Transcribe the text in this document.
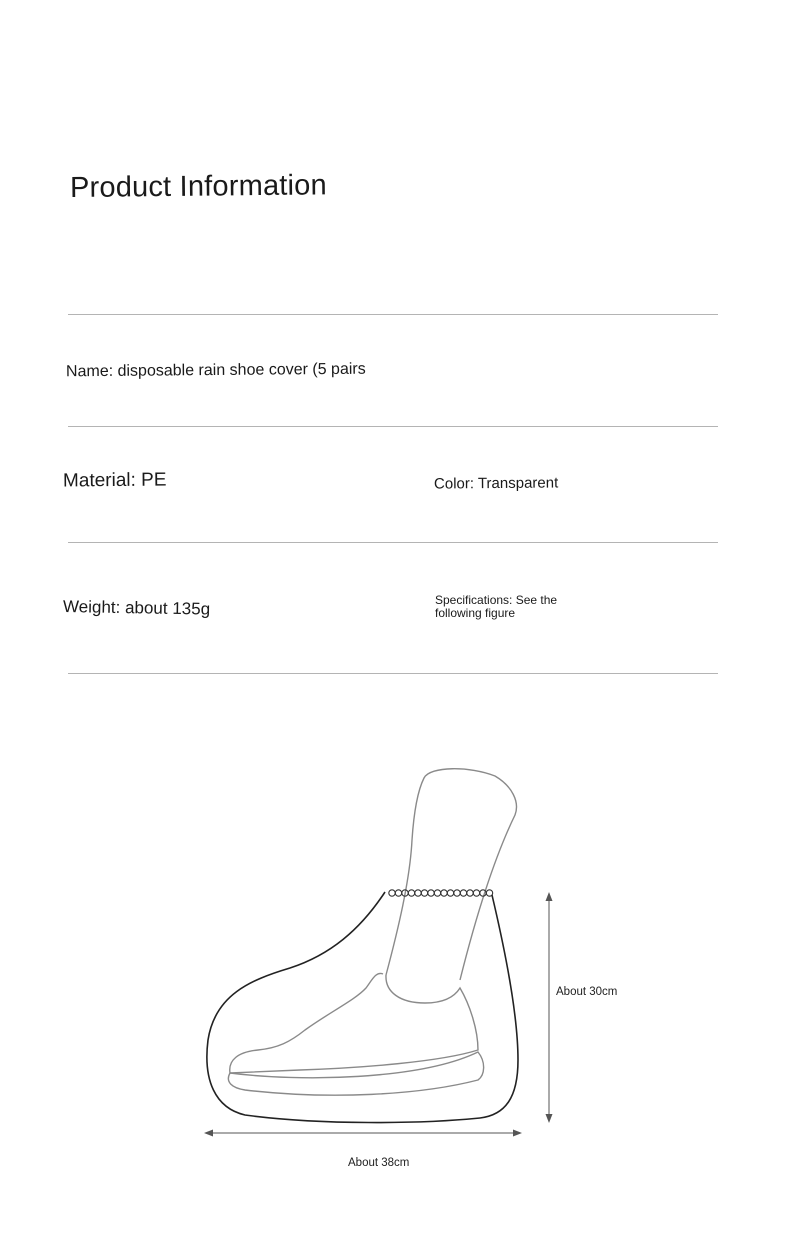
Product Information
Name: disposable rain shoe cover (5 pairs
Material: PE	Color: Transparent
Weight: about 135g	Specifications: See the following figure
About 30cm
About 38cm
